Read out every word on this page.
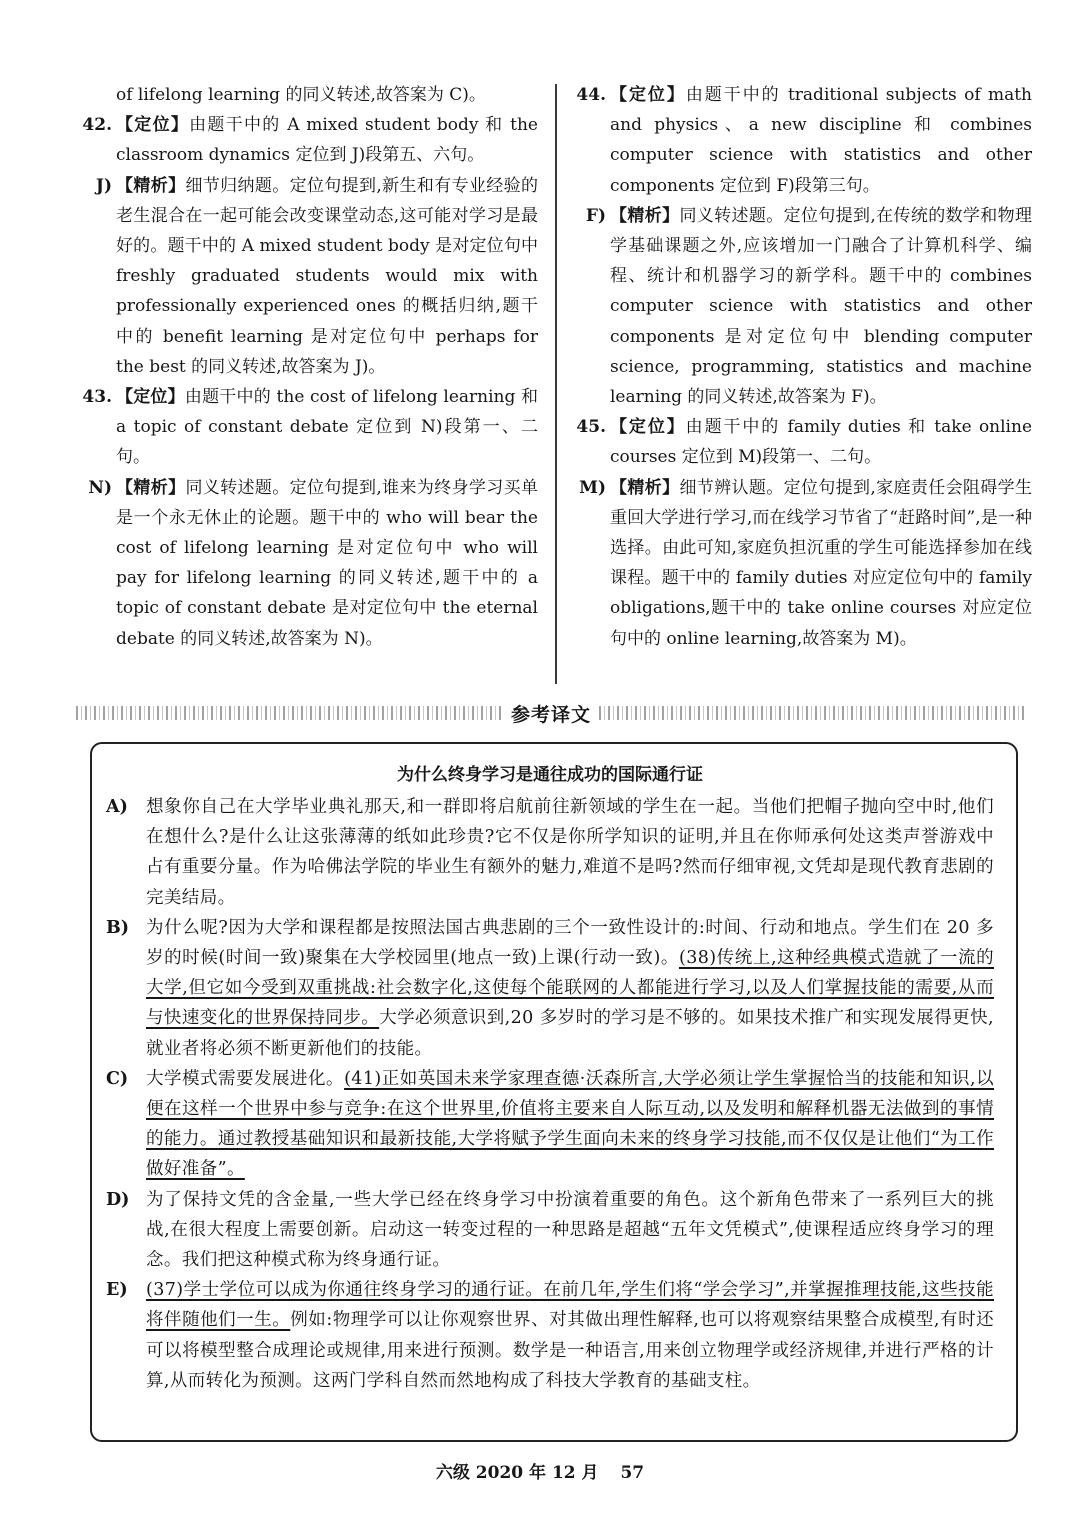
of lifelong learning 的同义转述,故答案为 C)。
42. 【定位】由题干中的 A mixed student body 和 the classroom dynamics 定位到 J)段第五、六句。
J) 【精析】细节归纳题。定位句提到,新生和有专业经验的老生混合在一起可能会改变课堂动态,这可能对学习是最好的。题干中的 A mixed student body 是对定位句中 freshly graduated students would mix with professionally experienced ones 的概括归纳,题干中的 benefit learning 是对定位句中 perhaps for the best 的同义转述,故答案为 J)。
43. 【定位】由题干中的 the cost of lifelong learning 和 a topic of constant debate 定位到 N)段第一、二句。
N) 【精析】同义转述题。定位句提到,谁来为终身学习买单是一个永无休止的论题。题干中的 who will bear the cost of lifelong learning 是对定位句中 who will pay for lifelong learning 的同义转述,题干中的 a topic of constant debate 是对定位句中 the eternal debate 的同义转述,故答案为 N)。
44. 【定位】由题干中的 traditional subjects of math and physics、a new discipline 和 combines computer science with statistics and other components 定位到 F)段第三句。
F) 【精析】同义转述题。定位句提到,在传统的数学和物理学基础课题之外,应该增加一门融合了计算机科学、编程、统计和机器学习的新学科。题干中的 combines computer science with statistics and other components 是对定位句中 blending computer science, programming, statistics and machine learning 的同义转述,故答案为 F)。
45. 【定位】由题干中的 family duties 和 take online courses 定位到 M)段第一、二句。
M) 【精析】细节辨认题。定位句提到,家庭责任会阻碍学生重回大学进行学习,而在线学习节省了“赶路时间”,是一种选择。由此可知,家庭负担沉重的学生可能选择参加在线课程。题干中的 family duties 对应定位句中的 family obligations,题干中的 take online courses 对应定位句中的 online learning,故答案为 M)。
参考译文
为什么终身学习是通往成功的国际通行证
A)	想象你自己在大学毕业典礼那天,和一群即将启航前往新领域的学生在一起。当他们把帽子抛向空中时,他们在想什么?是什么让这张薄薄的纸如此珍贵?它不仅是你所学知识的证明,并且在你师承何处这类声誉游戏中占有重要分量。作为哈佛法学院的毕业生有额外的魅力,难道不是吗?然而仔细审视,文凭却是现代教育悲剧的完美结局。
B) 为什么呢?因为大学和课程都是按照法国古典悲剧的三个一致性设计的:时间、行动和地点。学生们在 20 多岁的时候(时间一致)聚集在大学校园里(地点一致)上课(行动一致)。(38)传统上,这种经典模式造就了一流的大学,但它如今受到双重挑战:社会数字化,这使每个能联网的人都能进行学习,以及人们掌握技能的需要,从而与快速变化的世界保持同步。大学必须意识到,20 多岁时的学习是不够的。如果技术推广和实现发展得更快,就业者将必须不断更新他们的技能。
C)	大学模式需要发展进化。(41)正如英国未来学家理查德·沃森所言,大学必须让学生掌握恰当的技能和知识,以便在这样一个世界中参与竞争:在这个世界里,价值将主要来自人际互动,以及发明和解释机器无法做到的事情的能力。通过教授基础知识和最新技能,大学将赋予学生面向未来的终身学习技能,而不仅仅是让他们“为工作做好准备”。
D) 为了保持文凭的含金量,一些大学已经在终身学习中扮演着重要的角色。这个新角色带来了一系列巨大的挑战,在很大程度上需要创新。启动这一转变过程的一种思路是超越“五年文凭模式”,使课程适应终身学习的理念。我们把这种模式称为终身通行证。
E)	(37)学士学位可以成为你通往终身学习的通行证。在前几年,学生们将“学会学习”,并掌握推理技能,这些技能将伴随他们一生。例如:物理学可以让你观察世界、对其做出理性解释,也可以将观察结果整合成模型,有时还可以将模型整合成理论或规律,用来进行预测。数学是一种语言,用来创立物理学或经济规律,并进行严格的计算,从而转化为预测。这两门学科自然而然地构成了科技大学教育的基础支柱。
六级 2020 年 12 月 57
